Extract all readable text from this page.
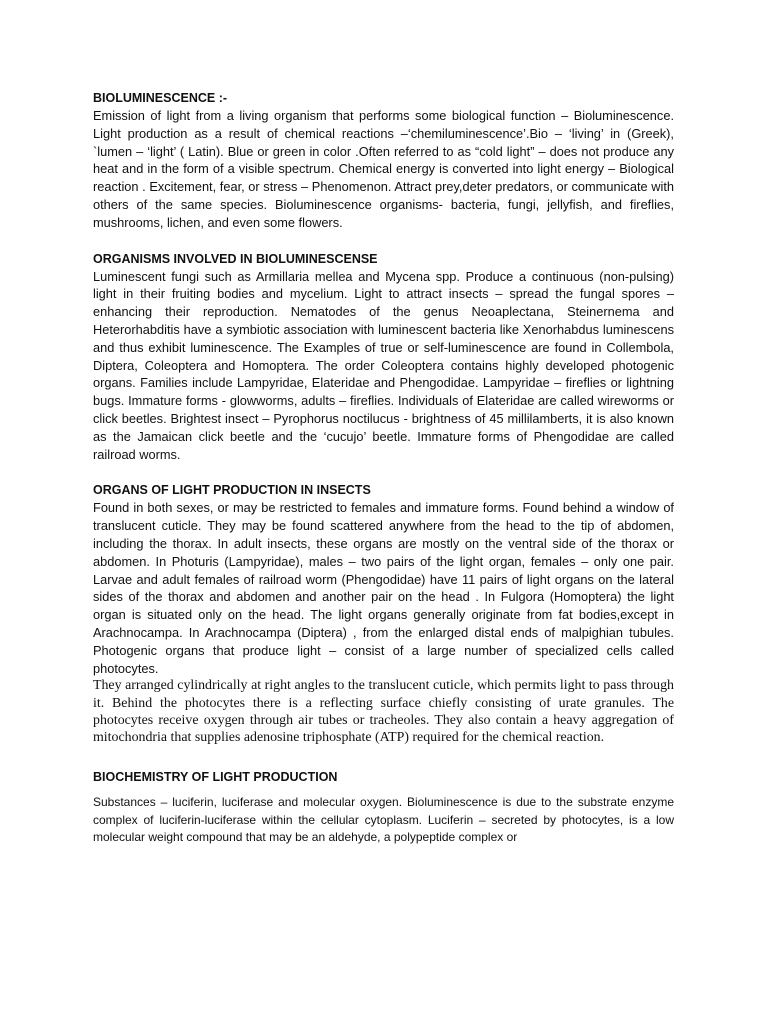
BIOLUMINESCENCE :-

Emission of light from a living organism that performs some biological function – Bioluminescence. Light production as a result of chemical reactions –‘chemiluminescence’.Bio – ‘living’ in (Greek), `lumen – ‘light’ ( Latin). Blue or green in color .Often referred to as “cold light” – does not produce any heat and in the form of a visible spectrum. Chemical energy is converted into light energy – Biological reaction . Excitement, fear, or stress – Phenomenon. Attract prey,deter predators, or communicate with others of the same species. Bioluminescence organisms- bacteria, fungi, jellyfish, and fireflies, mushrooms, lichen, and even some flowers.

ORGANISMS INVOLVED IN BIOLUMINESCENSE

Luminescent fungi such as Armillaria mellea and Mycena spp. Produce a continuous (non-pulsing) light in their fruiting bodies and mycelium. Light to attract insects – spread the fungal spores – enhancing their reproduction. Nematodes of the genus Neoaplectana, Steinernema and Heterorhabditis have a symbiotic association with luminescent bacteria like Xenorhabdus luminescens and thus exhibit luminescence. The Examples of true or self-luminescence are found in Collembola, Diptera, Coleoptera and Homoptera. The order Coleoptera contains highly developed photogenic organs. Families include Lampyridae, Elateridae and Phengodidae. Lampyridae – fireflies or lightning bugs. Immature forms - glowworms, adults – fireflies. Individuals of Elateridae are called wireworms or click beetles. Brightest insect – Pyrophorus noctilucus - brightness of 45 millilamberts, it is also known as the Jamaican click beetle and the ‘cucujo’ beetle. Immature forms of Phengodidae are called railroad worms.

ORGANS OF LIGHT PRODUCTION IN INSECTS

Found in both sexes, or may be restricted to females and immature forms. Found behind a window of translucent cuticle. They may be found scattered anywhere from the head to the tip of abdomen, including the thorax. In adult insects, these organs are mostly on the ventral side of the thorax or abdomen. In Photuris (Lampyridae), males – two pairs of the light organ, females – only one pair. Larvae and adult females of railroad worm (Phengodidae) have 11 pairs of light organs on the lateral sides of the thorax and abdomen and another pair on the head . In Fulgora (Homoptera) the light organ is situated only on the head. The light organs generally originate from fat bodies,except in Arachnocampa. In Arachnocampa (Diptera) , from the enlarged distal ends of malpighian tubules. Photogenic organs that produce light – consist of a large number of specialized cells called photocytes.

They arranged cylindrically at right angles to the translucent cuticle, which permits light to pass through it. Behind the photocytes there is a reflecting surface chiefly consisting of urate granules. The photocytes receive oxygen through air tubes or tracheoles. They also contain a heavy aggregation of mitochondria that supplies adenosine triphosphate (ATP) required for the chemical reaction.

BIOCHEMISTRY OF LIGHT PRODUCTION

Substances – luciferin, luciferase and molecular oxygen. Bioluminescence is due to the substrate enzyme complex of luciferin-luciferase within the cellular cytoplasm. Luciferin – secreted by photocytes, is a low molecular weight compound that may be an aldehyde, a polypeptide complex or
